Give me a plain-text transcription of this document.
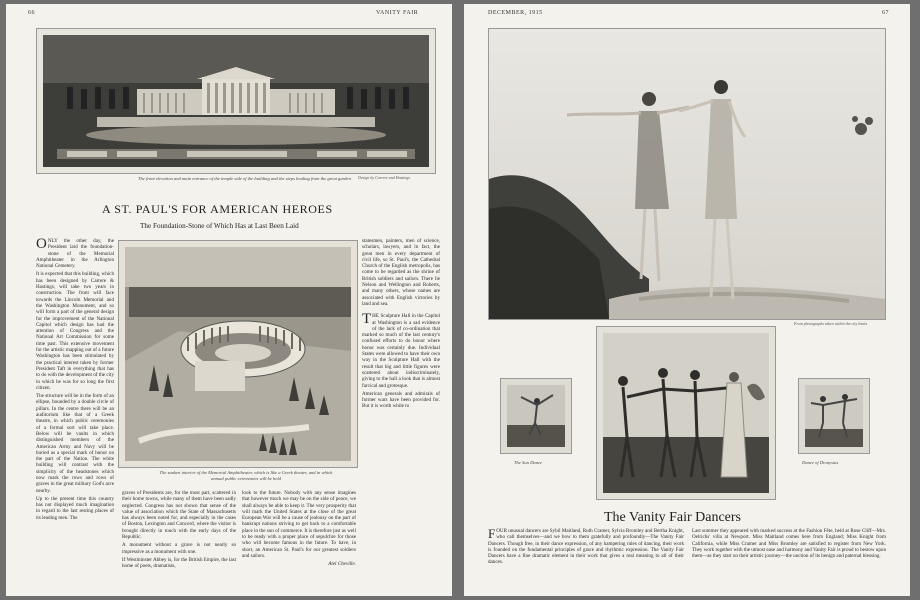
66	VANITY FAIR
The front elevation and main entrance of the temple side of the building and the steps leading from the great garden	Design by Carrere and Hastings
A ST. PAUL'S FOR AMERICAN HEROES
The Foundation-Stone of Which Has at Last Been Laid

ONLY the other day, the President laid the foundation-stone of the Memorial Amphitheater in the Arlington National Cemetery.

It is expected that this building, which has been designed by Carrere & Hastings, will take two years in construction. The front will face towards the Lincoln Memorial and the Washington Monument, and so will form a part of the general design for the improvement of the National Capitol which design has had the attention of Congress and the National Art Commission for some time past. This extensive movement for the artistic mapping out of a future Washington has been stimulated by the practical interest taken by former President Taft in everything that has to do with the development of the city in which he was for so long the first citizen.

The structure will be in the form of an ellipse, bounded by a double circle of pillars. In the centre there will be an auditorium like that of a Greek theatre, in which public ceremonies of a formal sort will take place. Below will be vaults in which distinguished members of the American Army and Navy will be buried as a special mark of honor on the part of the Nation. The white building will contrast with the simplicity of the headstones which now mark the rows and rows of graves in the great military God's acre nearby.

Up to the present time this country has not displayed much imagination in regard to the last resting places of its leading men. The

The sunken interior of the Memorial Amphitheater, which is like a Greek theater, and in which annual public ceremonies will be held

graves of Presidents are, for the most part, scattered in their home towns, while many of them have been sadly neglected. Congress has not shown that sense of the value of association which the State of Massachusetts has always been noted for, and especially in the cases of Boston, Lexington and Concord, where the visitor is brought directly in touch with the early days of the Republic.

A monument without a grave is not nearly so impressive as a monument with one.

If Westminster Abbey is, for the British Empire, the last home of poets, dramatists,

look to the future. Nobody with any sense imagines that however much we may be on the side of peace, we shall always be able to keep it. The very prosperity that will mark the United States at the close of the great European War will be a cause of jealousy on the part of bankrupt nations striving to get back to a comfortable place in the sun of commerce. It is therefore just as well to be ready with a proper place of sepulchre for those who will become famous in the future. To have, in short, an American St. Paul's for our greatest soldiers and sailors.

Atel Cheville.

statesmen, painters, men of science, scholars, lawyers, and in fact, the great men in every department of civil life, so St. Paul's, the Cathedral Church of the English metropolis, has come to be regarded as the shrine of British soldiers and sailors. There lie Nelson and Wellington and Roberts, and many others, whose names are associated with English victories by land and sea.

THE Sculpture Hall in the Capitol at Washington is a sad evidence of the lack of co-ordination that marked so much of the last century's confused efforts to do honor where honor was certainly due. Individual States were allowed to have their own way in the Sculpture Hall with the result that big and little figures were scattered about indiscriminately, giving to the hall a look that is almost farcical and grotesque.

American generals and admirals of former wars have been provided for. But it is worth while to

DECEMBER, 1915	67
From photographs taken within the city limits
The Sun Dance	Dance of Dionysius
The Vanity Fair Dancers

FOUR unusual dancers are Sybil Maitland, Ruth Cramer, Sylvia Bromley and Bertha Knight, who call themselves—and we bow to them gratefully and profoundly—The Vanity Fair Dancers. Though free, in their dance expression, of any hampering rules of dancing, their work is founded on the fundamental principles of grace and rhythmic expression. The Vanity Fair Dancers have a fine dramatic element in their work that gives a real meaning to all of their dances.

Last summer they appeared with marked success at the Fashion Fête, held at Rose Cliff—Mrs. Oelrichs' villa at Newport. Miss Maitland comes here from England; Miss Knight from California, while Miss Cramer and Miss Bromley are satisfied to register from New York. They work together with the utmost ease and harmony and Vanity Fair is proud to bestow upon them—as they start on their artistic journey—the unction of its benign and paternal blessing.
